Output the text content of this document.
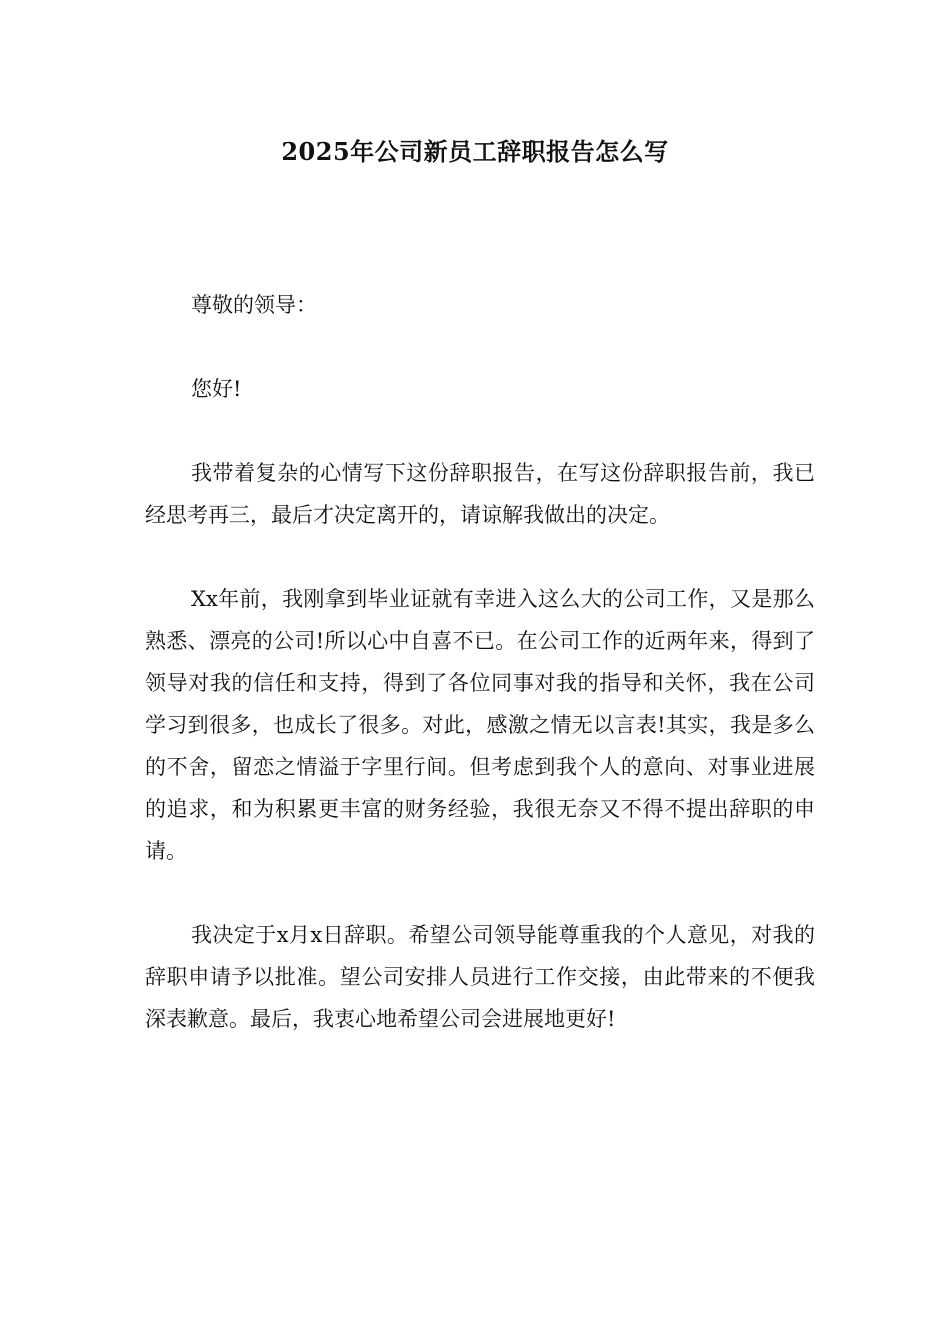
2025年公司新员工辞职报告怎么写

尊敬的领导：

您好!

我带着复杂的心情写下这份辞职报告，在写这份辞职报告前，我已经思考再三，最后才决定离开的，请谅解我做出的决定。

Xx年前，我刚拿到毕业证就有幸进入这么大的公司工作，又是那么熟悉、漂亮的公司!所以心中自喜不已。在公司工作的近两年来，得到了领导对我的信任和支持，得到了各位同事对我的指导和关怀，我在公司学习到很多，也成长了很多。对此，感激之情无以言表!其实，我是多么的不舍，留恋之情溢于字里行间。但考虑到我个人的意向、对事业进展的追求，和为积累更丰富的财务经验，我很无奈又不得不提出辞职的申请。

我决定于x月x日辞职。希望公司领导能尊重我的个人意见，对我的辞职申请予以批准。望公司安排人员进行工作交接，由此带来的不便我深表歉意。最后，我衷心地希望公司会进展地更好!
